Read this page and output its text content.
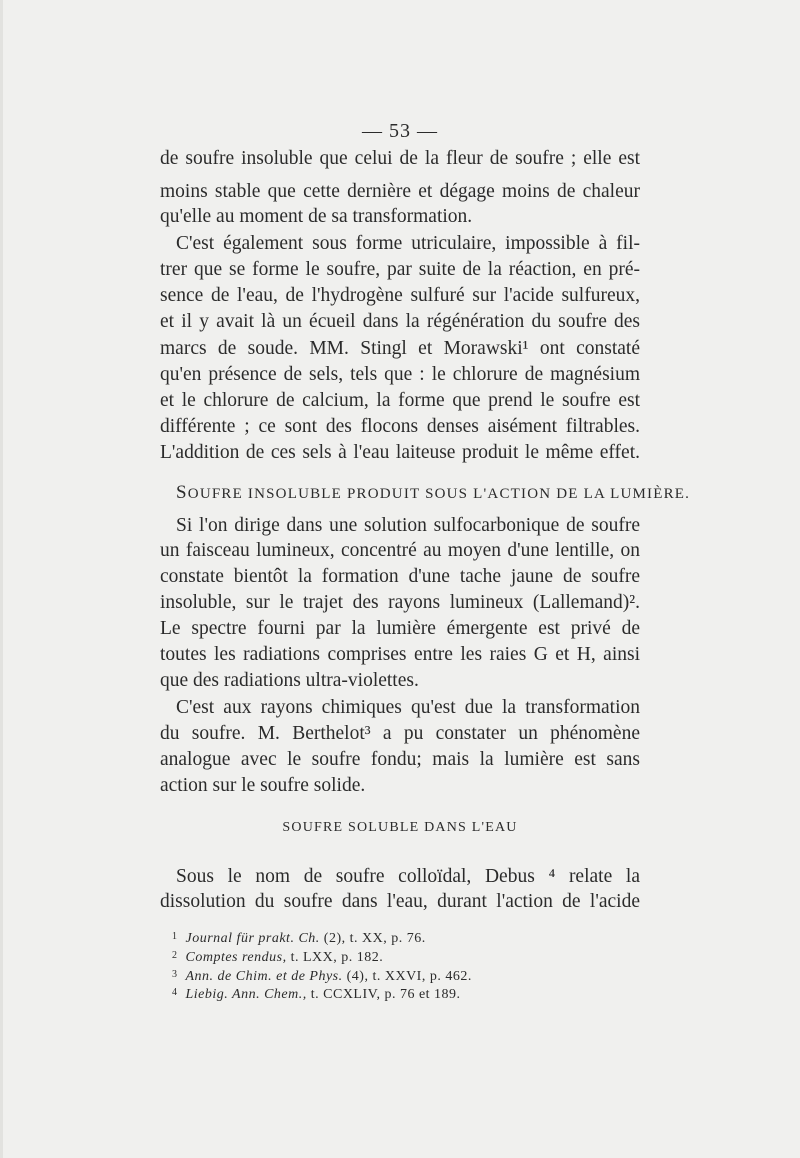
— 53 —
de soufre insoluble que celui de la fleur de soufre ; elle est
moins stable que cette dernière et dégage moins de chaleur
qu'elle au moment de sa transformation.
C'est également sous forme utriculaire, impossible à fil-
trer que se forme le soufre, par suite de la réaction, en pré-
sence de l'eau, de l'hydrogène sulfuré sur l'acide sulfureux,
et il y avait là un écueil dans la régénération du soufre des
marcs de soude. MM. Stingl et Morawski¹ ont constaté
qu'en présence de sels, tels que : le chlorure de magnésium
et le chlorure de calcium, la forme que prend le soufre est
différente ; ce sont des flocons denses aisément filtrables.
L'addition de ces sels à l'eau laiteuse produit le même effet.
SOUFRE INSOLUBLE PRODUIT SOUS L'ACTION DE LA LUMIÈRE.
Si l'on dirige dans une solution sulfocarbonique de soufre
un faisceau lumineux, concentré au moyen d'une lentille, on
constate bientôt la formation d'une tache jaune de soufre
insoluble, sur le trajet des rayons lumineux (Lallemand)².
Le spectre fourni par la lumière émergente est privé de
toutes les radiations comprises entre les raies G et H, ainsi
que des radiations ultra-violettes.
C'est aux rayons chimiques qu'est due la transformation
du soufre. M. Berthelot³ a pu constater un phénomène
analogue avec le soufre fondu; mais la lumière est sans
action sur le soufre solide.
SOUFRE SOLUBLE DANS L'EAU
Sous le nom de soufre colloïdal, Debus ⁴ relate la
dissolution du soufre dans l'eau, durant l'action de l'acide
$^1$ Journal für prakt. Ch. (2), t. XX, p. 76.
$^2$ Comptes rendus, t. LXX, p. 182.
$^3$ Ann. de Chim. et de Phys. (4), t. XXVI, p. 462.
$^4$ Liebig. Ann. Chem., t. CCXLIV, p. 76 et 189.
